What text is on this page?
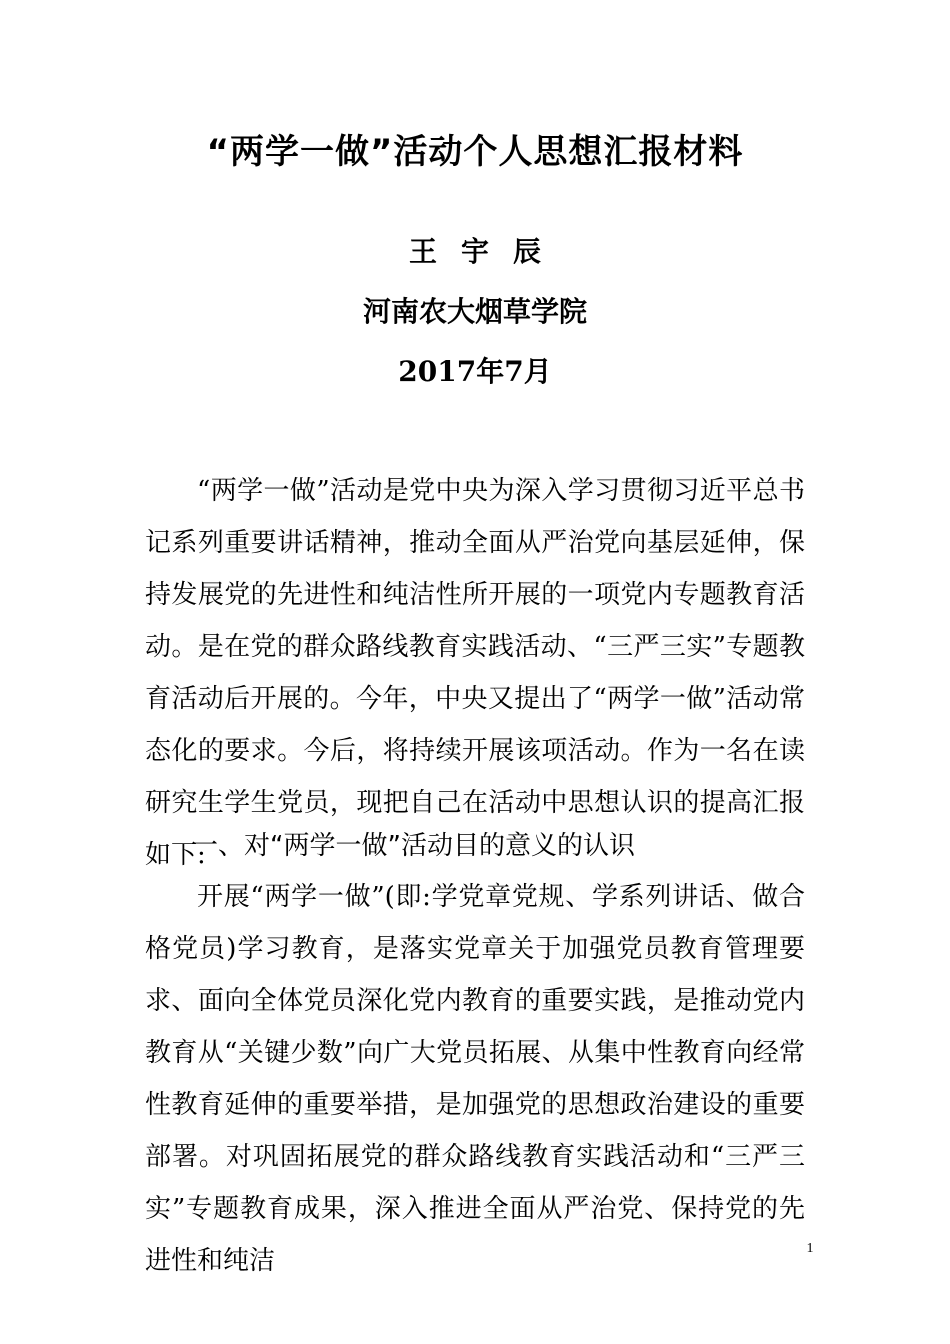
“两学一做”活动个人思想汇报材料
王宇辰
河南农大烟草学院
2017年7月
“两学一做”活动是党中央为深入学习贯彻习近平总书记系列重要讲话精神，推动全面从严治党向基层延伸，保持发展党的先进性和纯洁性所开展的一项党内专题教育活动。是在党的群众路线教育实践活动、“三严三实”专题教育活动后开展的。今年，中央又提出了“两学一做”活动常态化的要求。今后，将持续开展该项活动。作为一名在读研究生学生党员，现把自己在活动中思想认识的提高汇报如下:
一、对“两学一做”活动目的意义的认识
开展“两学一做”(即:学党章党规、学系列讲话、做合格党员)学习教育，是落实党章关于加强党员教育管理要求、面向全体党员深化党内教育的重要实践，是推动党内教育从“关键少数”向广大党员拓展、从集中性教育向经常性教育延伸的重要举措，是加强党的思想政治建设的重要部署。对巩固拓展党的群众路线教育实践活动和“三严三实”专题教育成果，深入推进全面从严治党、保持党的先进性和纯洁	1
